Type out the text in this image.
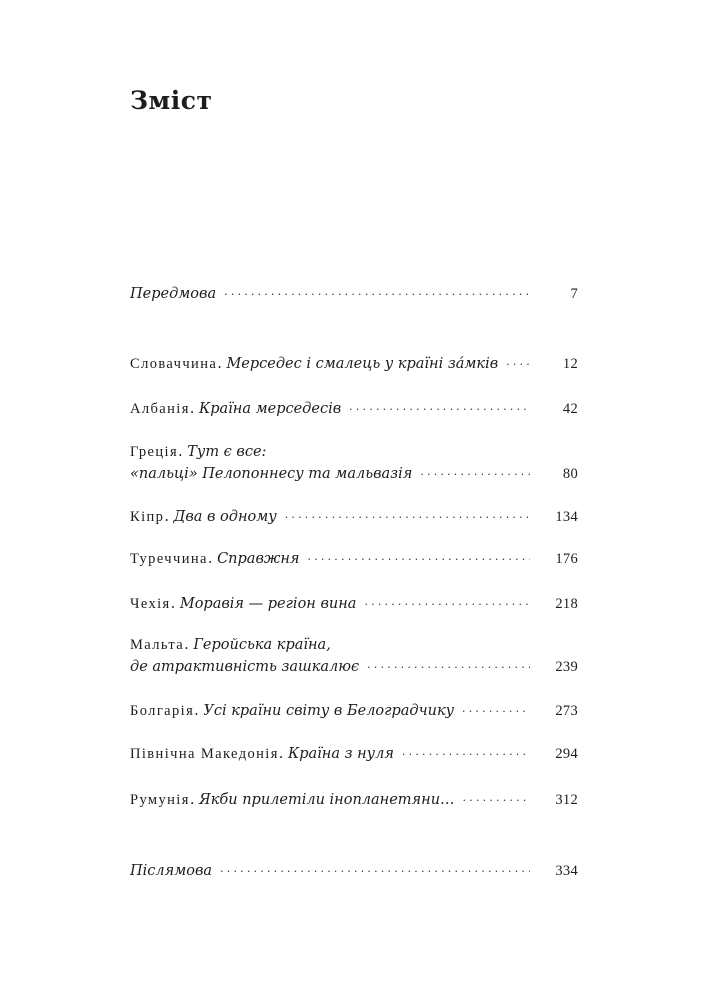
Зміст
Передмова ·····	7
Словаччина. Мерседес і смалець у країні за́мкiв ·····	12
Албанія. Країна мерседесів ·····	42
Греція. Тут є все:
«пальці» Пелопоннесу та мальвазія ·····	80
Кіпр. Два в одному ·····	134
Туреччина. Справжня ·····	176
Чехія. Моравія — регіон вина ·····	218
Мальта. Геройська країна,
де атрактивність зашкалює ·····	239
Болгарія. Усі країни світу в Белоградчику ·····	273
Північна Македонія. Країна з нуля ·····	294
Румунія. Якби прилетіли інопланетяни… ·····	312
Післямова ·····	334
